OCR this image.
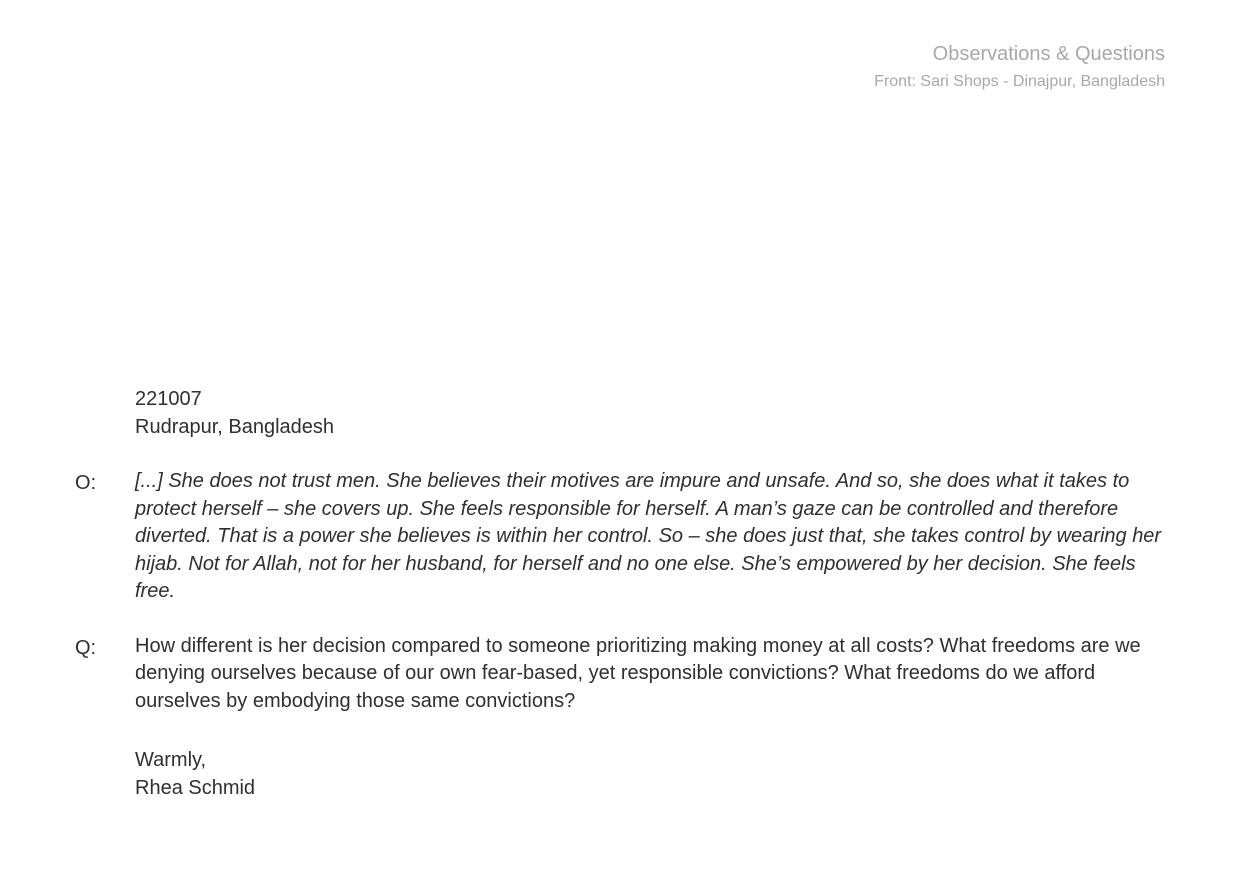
Observations & Questions
Front: Sari Shops - Dinajpur, Bangladesh
221007
Rudrapur, Bangladesh
O:	[...] She does not trust men. She believes their motives are impure and unsafe. And so, she does what it takes to protect herself – she covers up. She feels responsible for herself. A man’s gaze can be controlled and therefore diverted. That is a power she believes is within her control. So – she does just that, she takes control by wearing her hijab. Not for Allah, not for her husband, for herself and no one else. She’s empowered by her decision. She feels free.
Q:	How different is her decision compared to someone prioritizing making money at all costs? What freedoms are we denying ourselves because of our own fear-based, yet responsible convictions? What freedoms do we afford ourselves by embodying those same convictions?
Warmly,
Rhea Schmid
